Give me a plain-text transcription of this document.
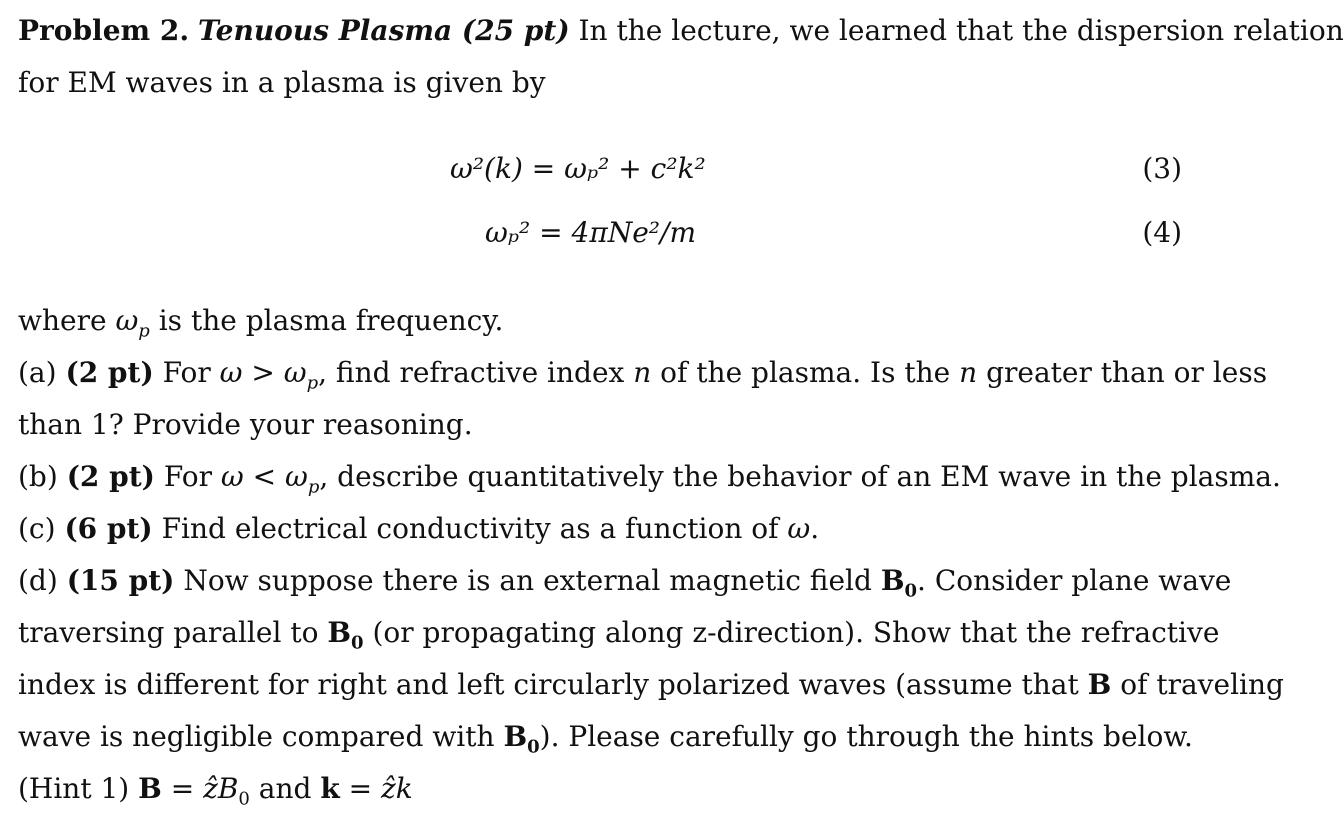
Problem 2. Tenuous Plasma (25 pt) In the lecture, we learned that the dispersion relation
for EM waves in a plasma is given by
ω²(k) = ωₚ² + c²k²	(3)
ωₚ² = 4πNe²/m	(4)
where $\omega_p$ is the plasma frequency.
(a) (2 pt) For $\omega > \omega_p$, find refractive index n of the plasma. Is the n greater than or less
than 1? Provide your reasoning.
(b) (2 pt) For $\omega < \omega_p$, describe quantitatively the behavior of an EM wave in the plasma.
(c) (6 pt) Find electrical conductivity as a function of ω.
(d) (15 pt) Now suppose there is an external magnetic field $B_0$. Consider plane wave
traversing parallel to $B_0$ (or propagating along z-direction). Show that the refractive
index is different for right and left circularly polarized waves (assume that B of traveling
wave is negligible compared with $B_0$). Please carefully go through the hints below.
(Hint 1) B = ẑB$_0$ and k = ẑk
